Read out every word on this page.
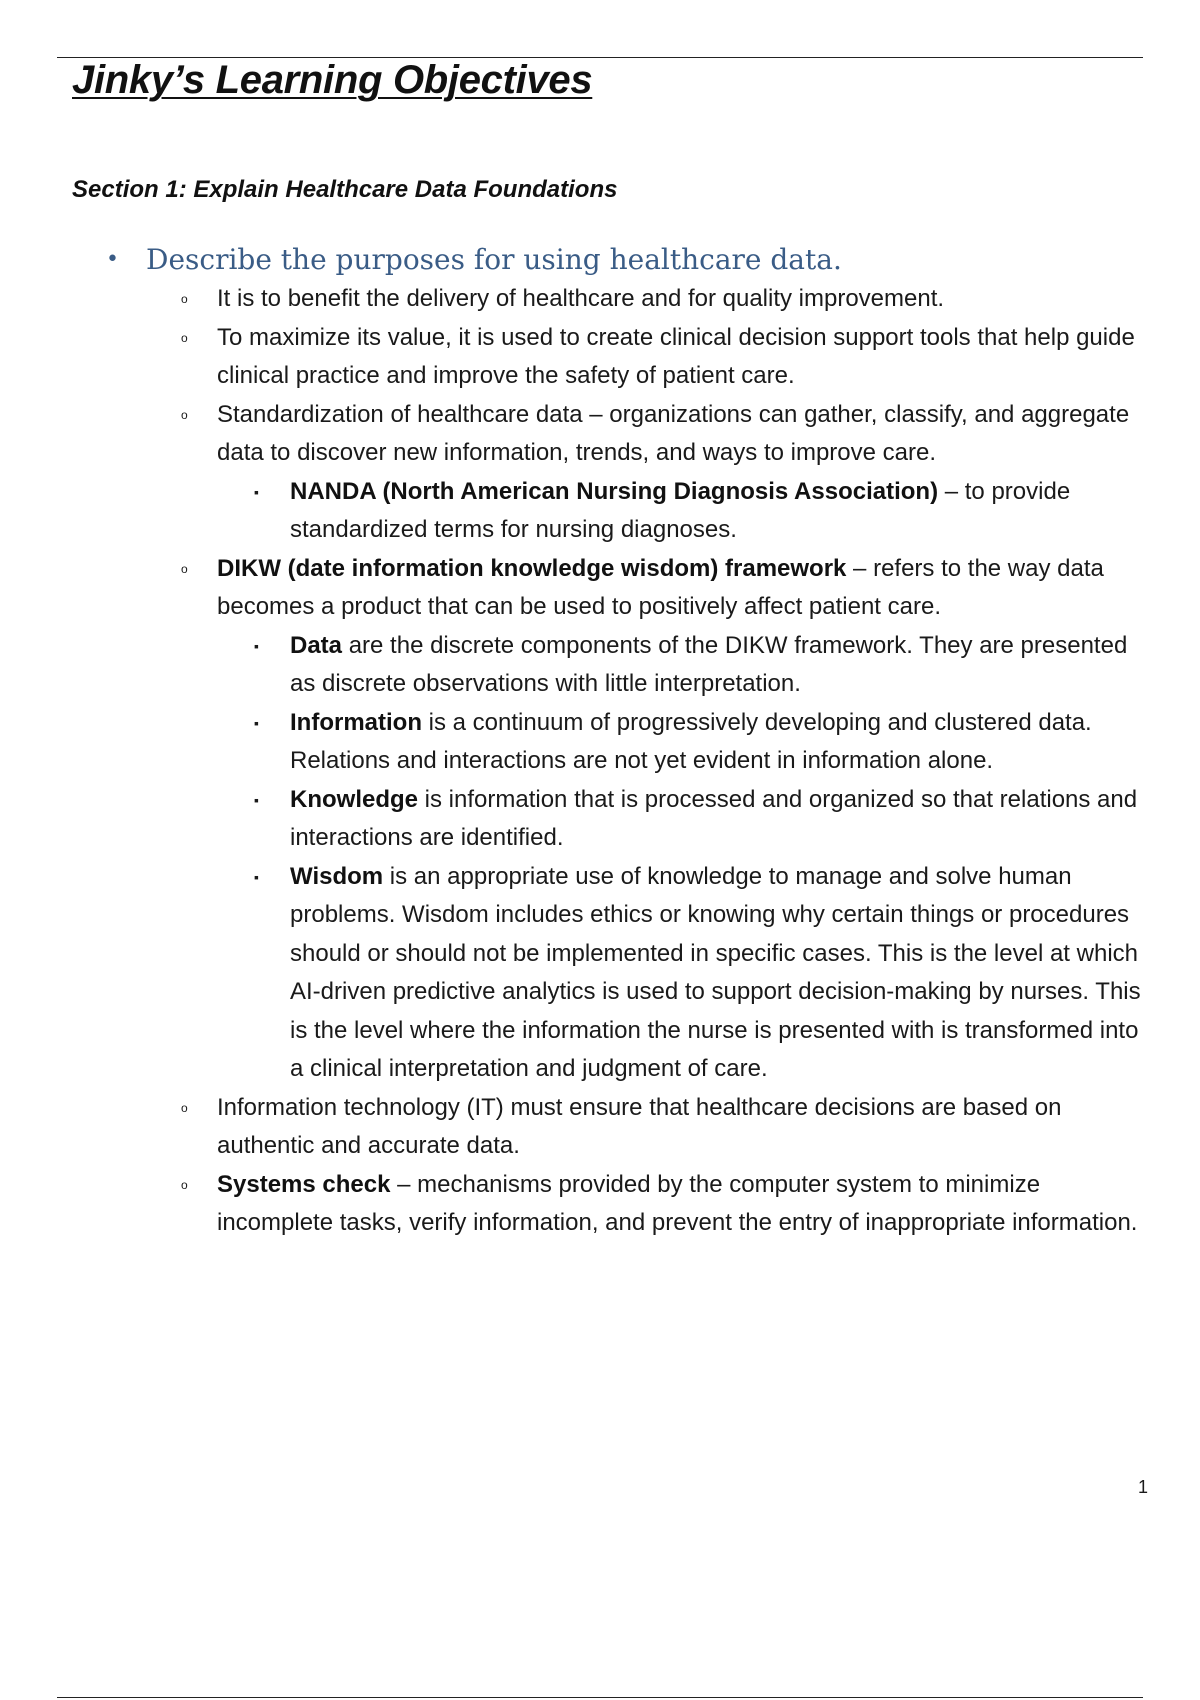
Jinky’s Learning Objectives
Section 1: Explain Healthcare Data Foundations
• Describe the purposes for using healthcare data.
o It is to benefit the delivery of healthcare and for quality improvement.
o To maximize its value, it is used to create clinical decision support tools that help guide clinical practice and improve the safety of patient care.
o Standardization of healthcare data – organizations can gather, classify, and aggregate data to discover new information, trends, and ways to improve care.
▪ NANDA (North American Nursing Diagnosis Association) – to provide standardized terms for nursing diagnoses.
o DIKW (date information knowledge wisdom) framework – refers to the way data becomes a product that can be used to positively affect patient care.
▪ Data are the discrete components of the DIKW framework. They are presented as discrete observations with little interpretation.
▪ Information is a continuum of progressively developing and clustered data. Relations and interactions are not yet evident in information alone.
▪ Knowledge is information that is processed and organized so that relations and interactions are identified.
▪ Wisdom is an appropriate use of knowledge to manage and solve human problems. Wisdom includes ethics or knowing why certain things or procedures should or should not be implemented in specific cases. This is the level at which AI-driven predictive analytics is used to support decision-making by nurses. This is the level where the information the nurse is presented with is transformed into a clinical interpretation and judgment of care.
o Information technology (IT) must ensure that healthcare decisions are based on authentic and accurate data.
o Systems check – mechanisms provided by the computer system to minimize incomplete tasks, verify information, and prevent the entry of inappropriate information.
1
